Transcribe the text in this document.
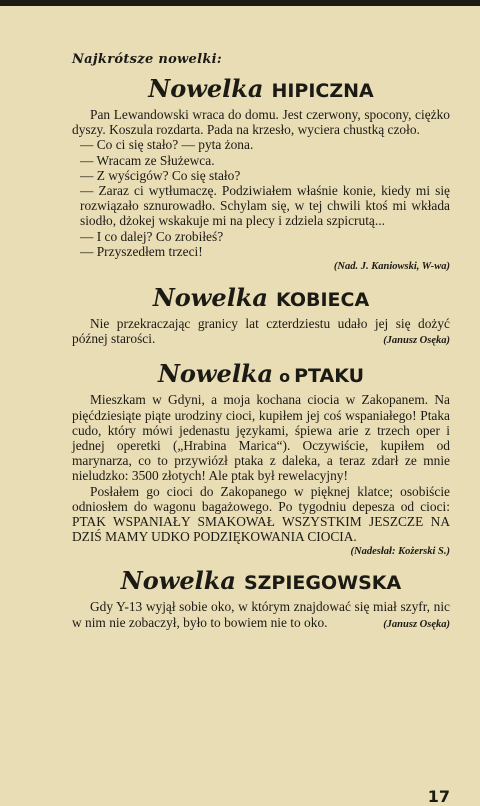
Najkrótsze nowelki:
Nowelka HIPICZNA

Pan Lewandowski wraca do domu. Jest czerwony, spocony, ciężko dyszy. Koszula rozdarta. Pada na krzesło, wyciera chustką czoło.

— Co ci się stało? — pyta żona.

— Wracam ze Służewca.

— Z wyścigów? Co się stało?

— Zaraz ci wytłumaczę. Podziwiałem właśnie konie, kiedy mi się rozwiązało sznurowadło. Schylam się, w tej chwili ktoś mi wkłada siodło, dżokej wskakuje mi na plecy i zdziela szpicrutą...

— I co dalej? Co zrobiłeś?

— Przyszedłem trzeci!

(Nad. J. Kaniowski, W-wa)
Nowelka KOBIECA

Nie przekraczając granicy lat czterdziestu udało jej się dożyć późnej starości.	(Janusz Osęka)

Nowelka o PTAKU

Mieszkam w Gdyni, a moja kochana ciocia w Zakopanem. Na pięćdziesiąte piąte urodziny cioci, kupiłem jej coś wspaniałego! Ptaka cudo, który mówi jedenastu językami, śpiewa arie z trzech oper i jednej operetki („Hrabina Marica“). Oczywiście, kupiłem od marynarza, co to przywiózł ptaka z daleka, a teraz zdarł ze mnie nieludzko: 3500 złotych! Ale ptak był rewelacyjny!

Posłałem go cioci do Zakopanego w pięknej klatce; osobiście odniosłem do wagonu bagażowego. Po tygodniu depesza od cioci: PTAK WSPANIAŁY SMAKOWAŁ WSZYSTKIM JESZCZE NA DZIŚ MAMY UDKO PODZIĘKOWANIA CIOCIA.

(Nadesłał: Kożerski S.)
Nowelka SZPIEGOWSKA

Gdy Y-13 wyjął sobie oko, w którym znajdować się miał szyfr, nic w nim nie zobaczył, było to bowiem nie to oko.	(Janusz Osęka)

17
